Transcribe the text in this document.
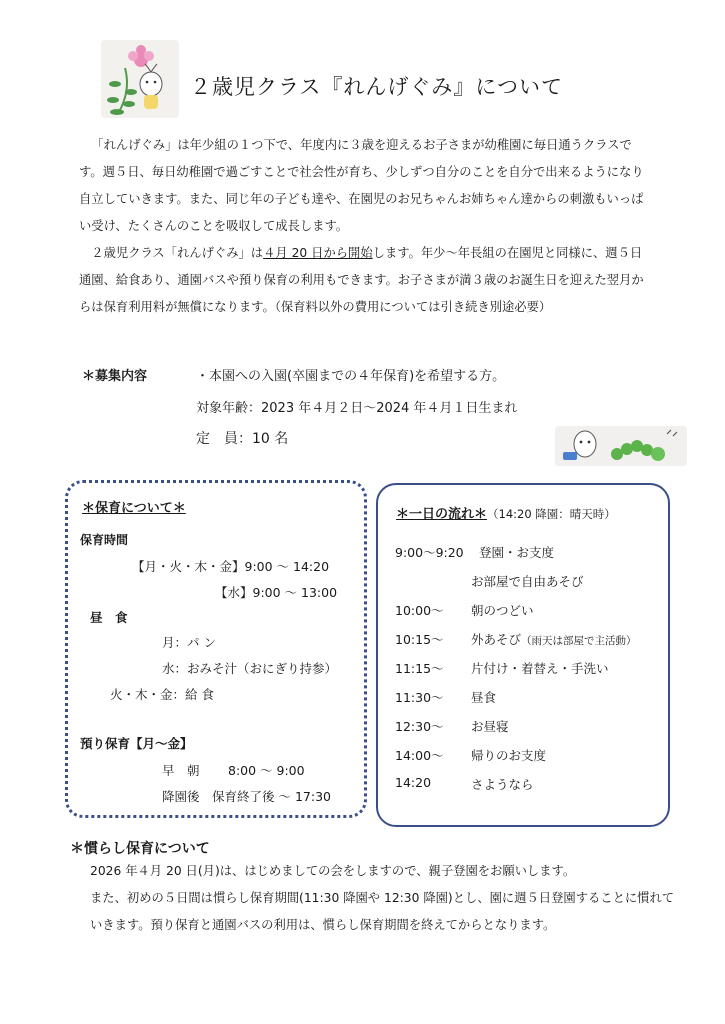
２歳児クラス『れんげぐみ』について

「れんげぐみ」は年少組の１つ下で、年度内に３歳を迎えるお子さまが幼稚園に毎日通うクラスです。週５日、毎日幼稚園で過ごすことで社会性が育ち、少しずつ自分のことを自分で出来るようになり自立していきます。また、同じ年の子ども達や、在園児のお兄ちゃんお姉ちゃん達からの刺激もいっぱい受け、たくさんのことを吸収して成長します。

２歳児クラス「れんげぐみ」は４月 20 日から開始します。年少～年長組の在園児と同様に、週５日通園、給食あり、通園バスや預り保育の利用もできます。お子さまが満３歳のお誕生日を迎えた翌月からは保育利用料が無償になります。（保育料以外の費用については引き続き別途必要）

＊募集内容	・本園への入園(卒園までの４年保育)を希望する方。
対象年齢：2023 年４月２日～2024 年４月１日生まれ
定　員：10 名
＊保育について＊
保育時間
【月・火・木・金】9:00 ～ 14:20
【水】9:00 ～ 13:00
昼　食
月：パ ン
水：おみそ汁（おにぎり持参）
火・木・金：給 食
預り保育【月～金】
早　朝 8:00 ～ 9:00
降園後 保育終了後 ～ 17:30
＊一日の流れ＊（14:20 降園：晴天時）
9:00～9:20 登園・お支度
お部屋で自由あそび
10:00～ 朝のつどい
10:15～ 外あそび（雨天は部屋で主活動）
11:15～ 片付け・着替え・手洗い
11:30～ 昼食
12:30～ お昼寝
14:00～ 帰りのお支度
14:20	さようなら
＊慣らし保育について

2026 年４月 20 日(月)は、はじめましての会をしますので、親子登園をお願いします。

また、初めの５日間は慣らし保育期間(11:30 降園や 12:30 降園)とし、園に週５日登園することに慣れていきます。預り保育と通園バスの利用は、慣らし保育期間を終えてからとなります。
